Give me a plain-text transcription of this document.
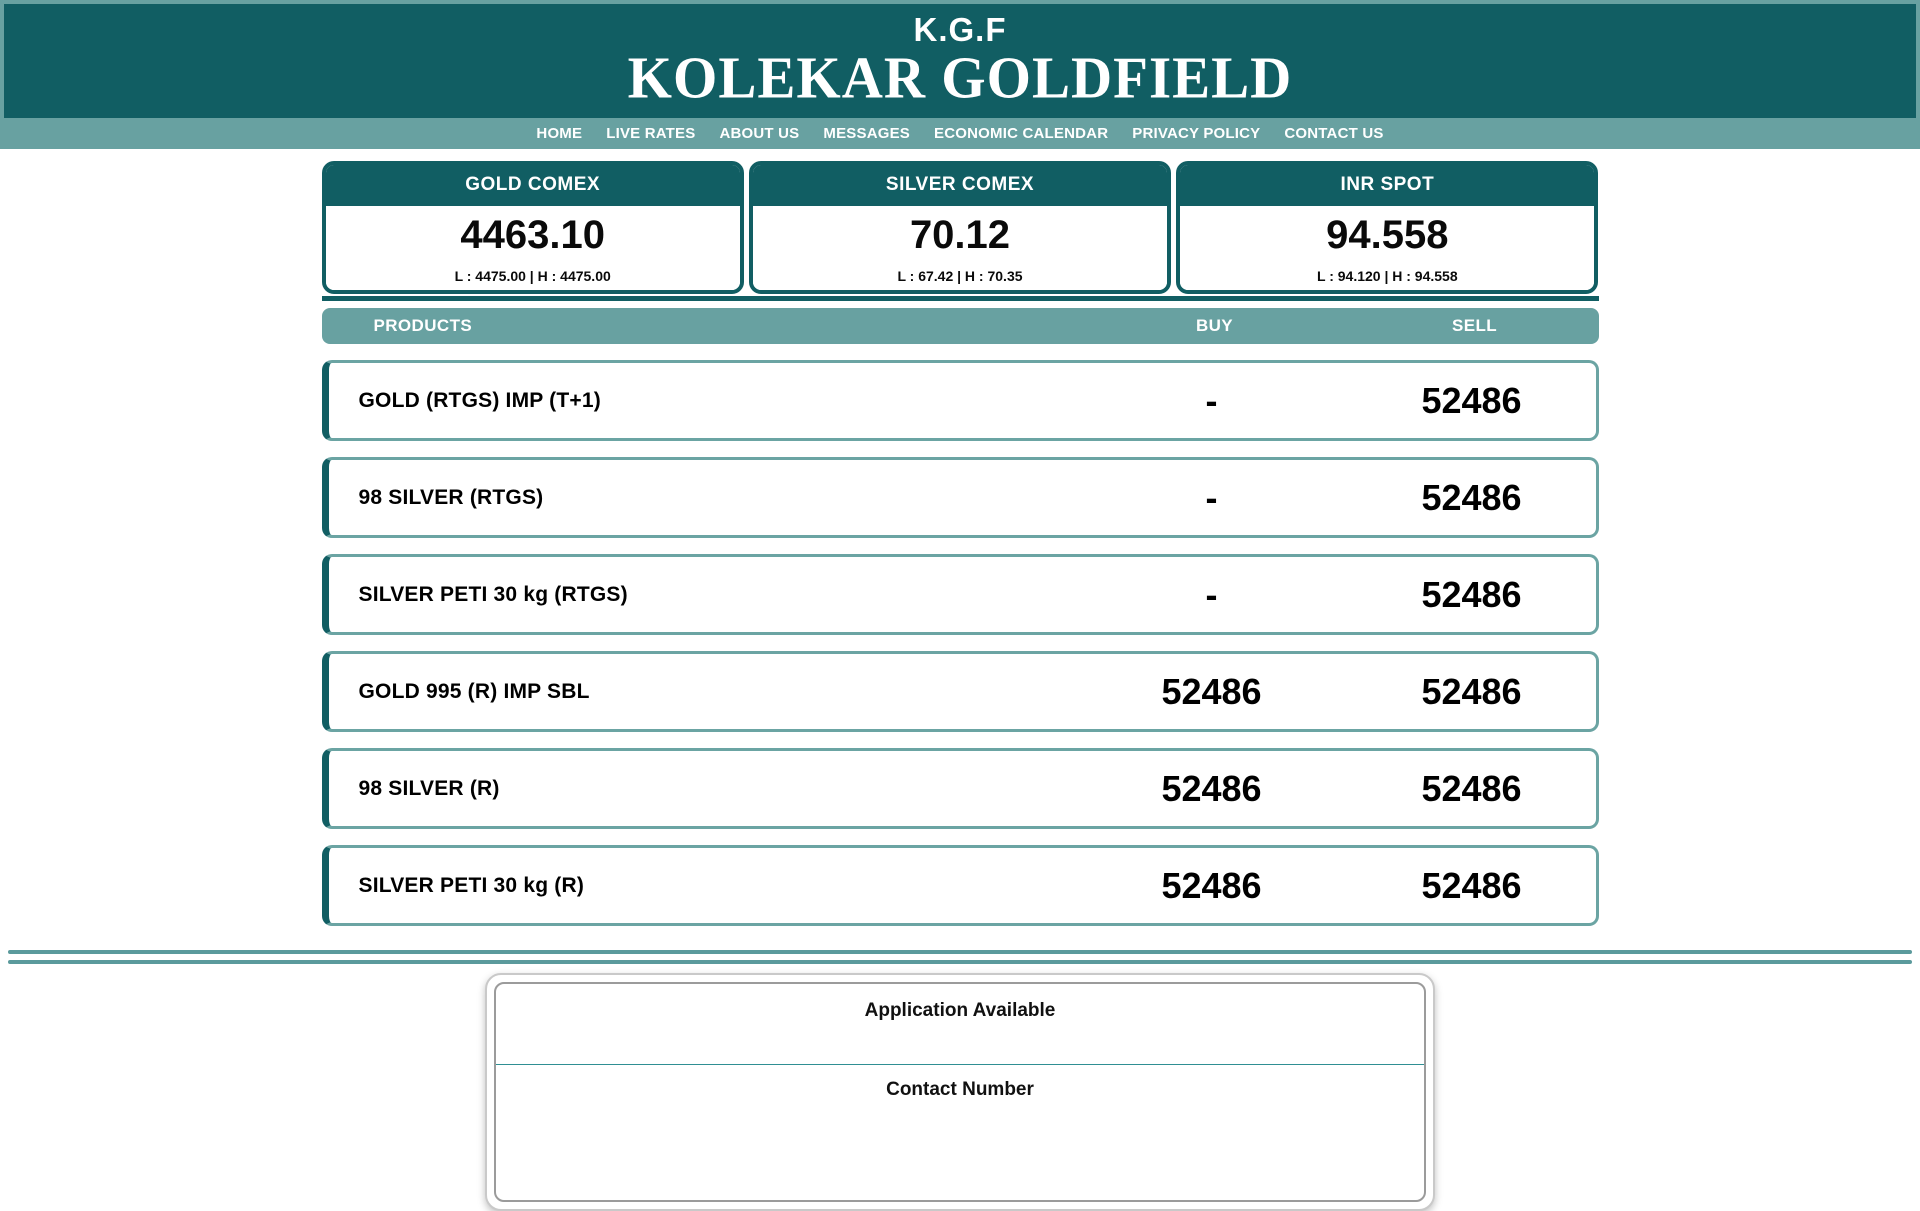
K.G.F
KOLEKAR GOLDFIELD
HOME LIVE RATES ABOUT US MESSAGES ECONOMIC CALENDAR PRIVACY POLICY CONTACT US
GOLD COMEX
4463.10
L : 4475.00 | H : 4475.00
SILVER COMEX
70.12
L : 67.42 | H : 70.35
INR SPOT
94.558
L : 94.120 | H : 94.558
PRODUCTS	BUY	SELL
GOLD (RTGS) IMP (T+1)	-	52486
98 SILVER (RTGS)	-	52486
SILVER PETI 30 kg (RTGS)	-	52486
GOLD 995 (R) IMP SBL	52486	52486
98 SILVER (R)	52486	52486
SILVER PETI 30 kg (R)	52486	52486
Application Available
Contact Number
